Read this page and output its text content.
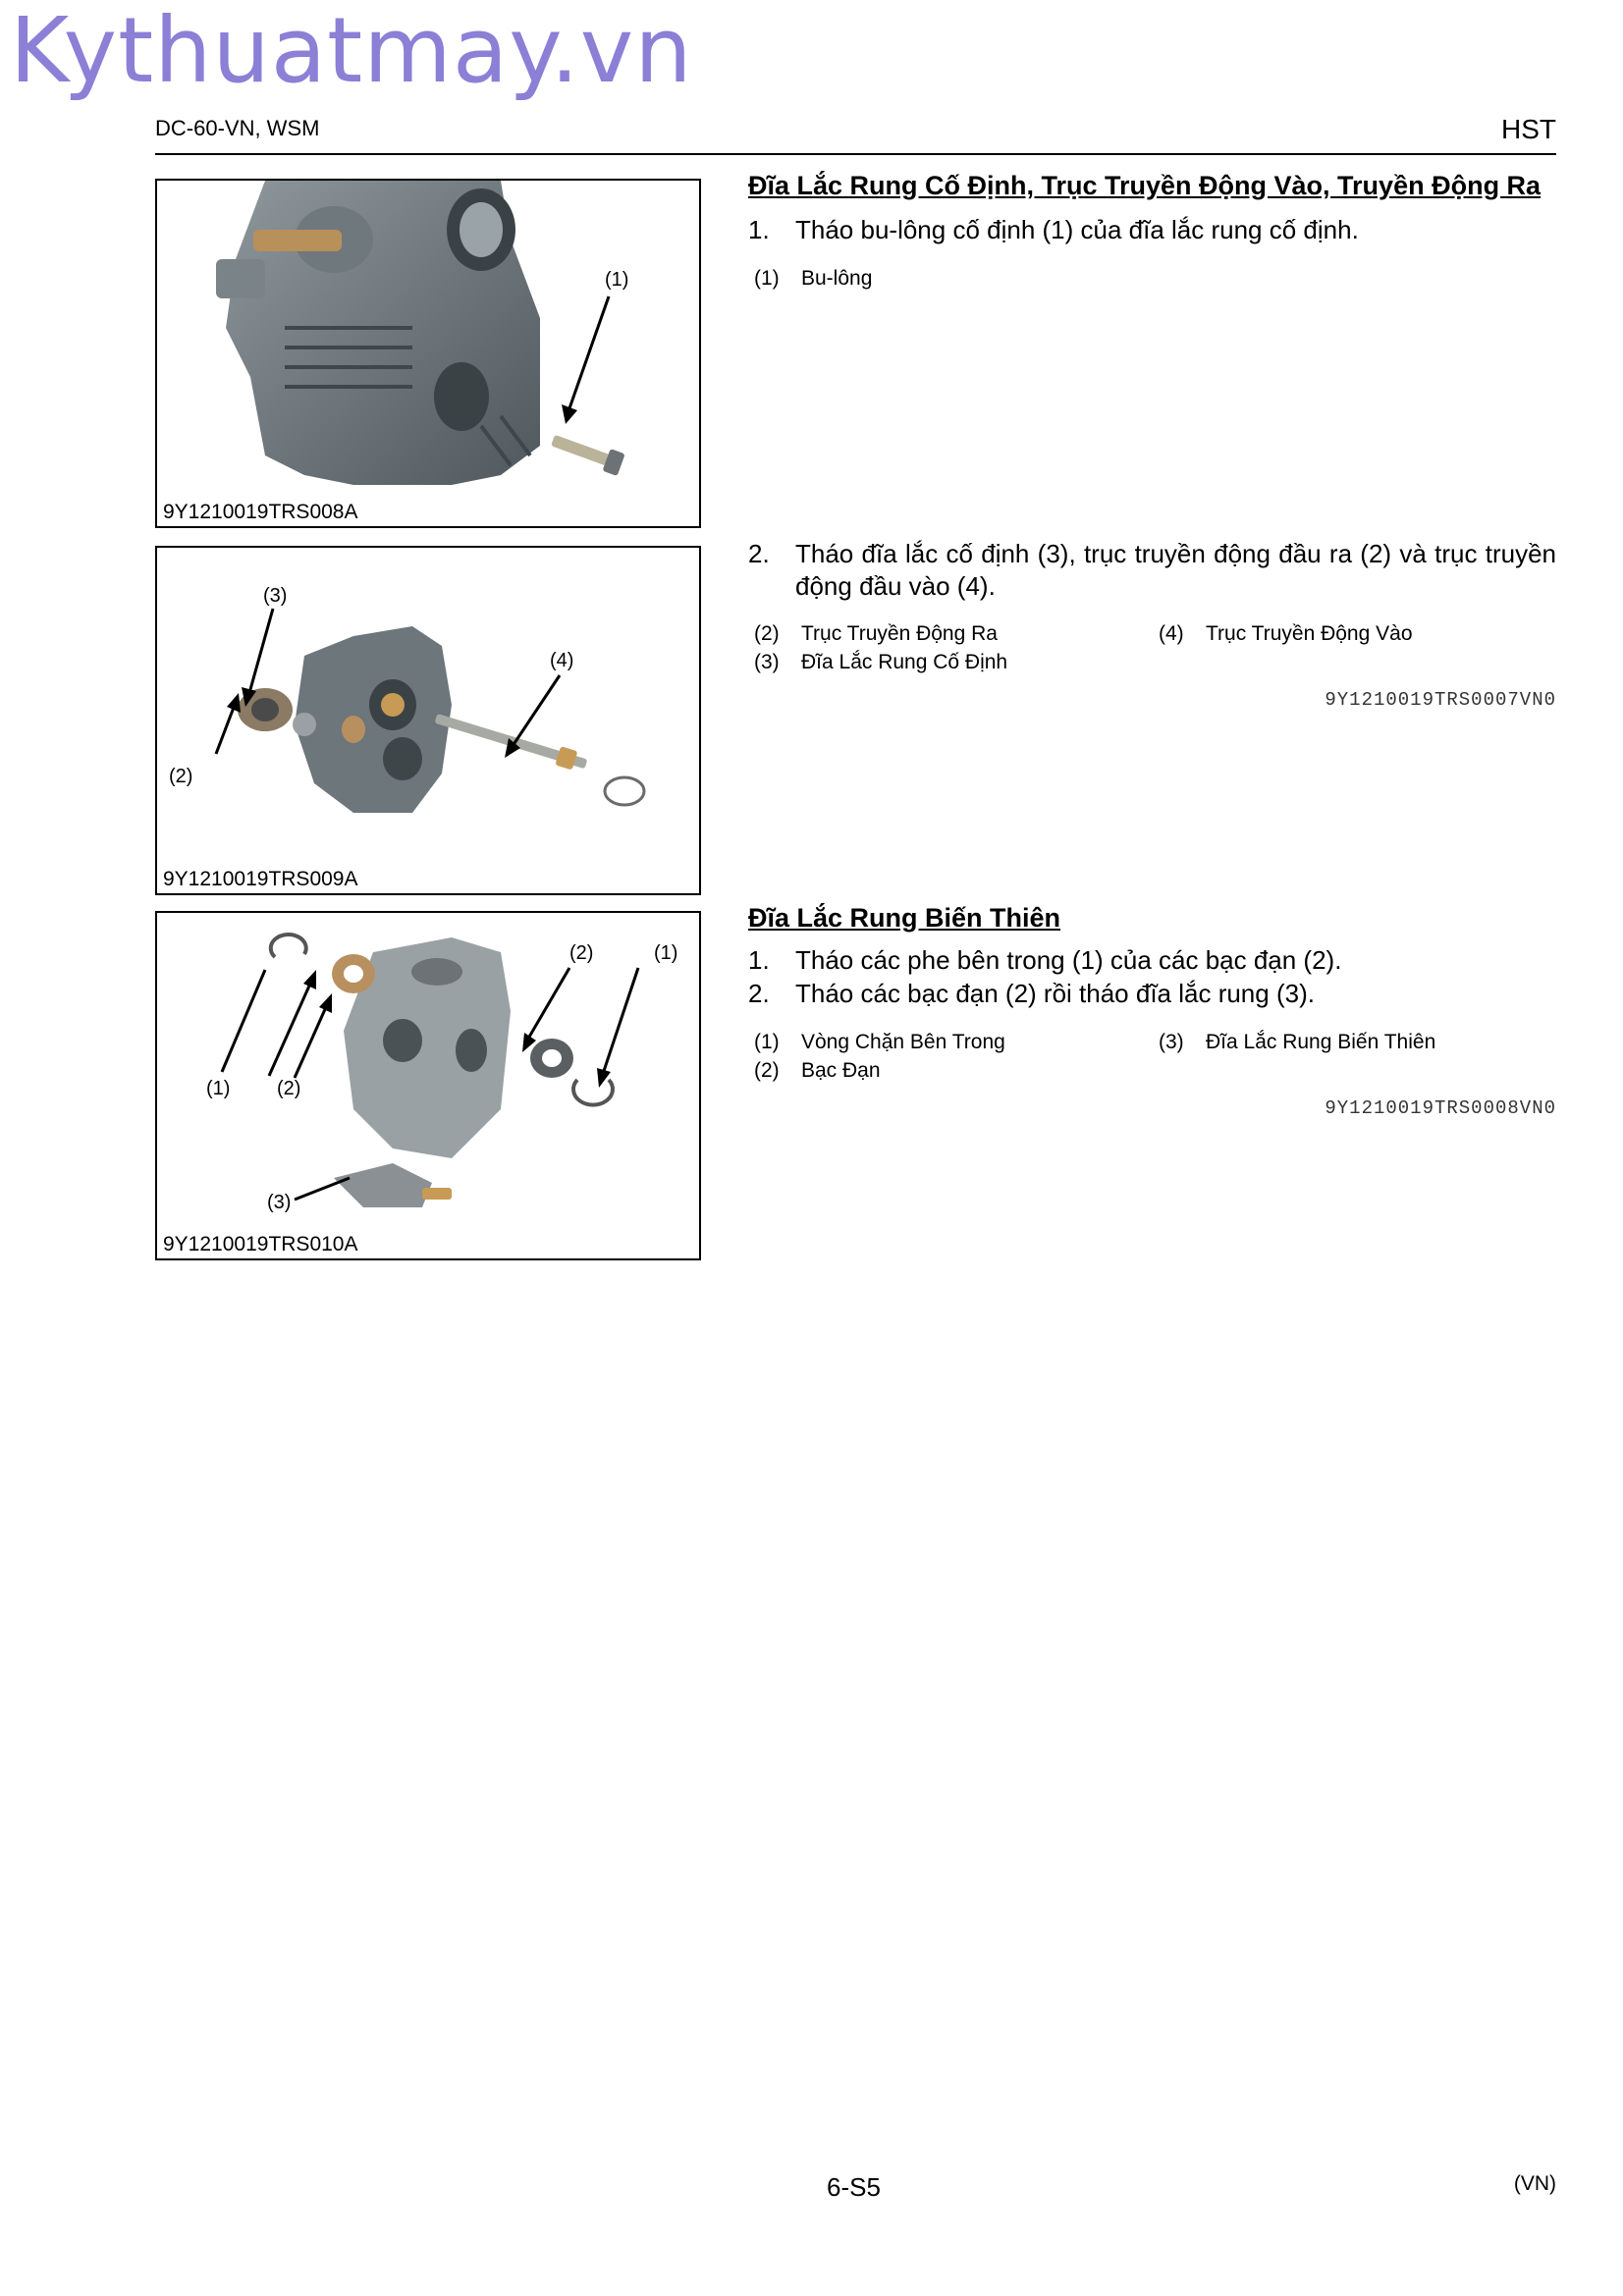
Kythuatmay.vn
DC-60-VN, WSM	HST
(1)
9Y1210019TRS008A
(3)
(4)
(2)
9Y1210019TRS009A
(2)	(1)
(1) (2)
(3)
9Y1210019TRS010A
Đĩa Lắc Rung Cố Định, Trục Truyền Động Vào, Truyền Động Ra
1. Tháo bu-lông cố định (1) của đĩa lắc rung cố định.
(1) Bu-lông
2. Tháo đĩa lắc cố định (3), trục truyền động đầu ra (2) và trục truyền động đầu vào (4).
(2) Trục Truyền Động Ra
(3) Đĩa Lắc Rung Cố Định
(4) Trục Truyền Động Vào
9Y1210019TRS0007VN0
Đĩa Lắc Rung Biến Thiên
1. Tháo các phe bên trong (1) của các bạc đạn (2).
2. Tháo các bạc đạn (2) rồi tháo đĩa lắc rung (3).
(1) Vòng Chặn Bên Trong
(2) Bạc Đạn
(3) Đĩa Lắc Rung Biến Thiên
9Y1210019TRS0008VN0
6-S5	(VN)
